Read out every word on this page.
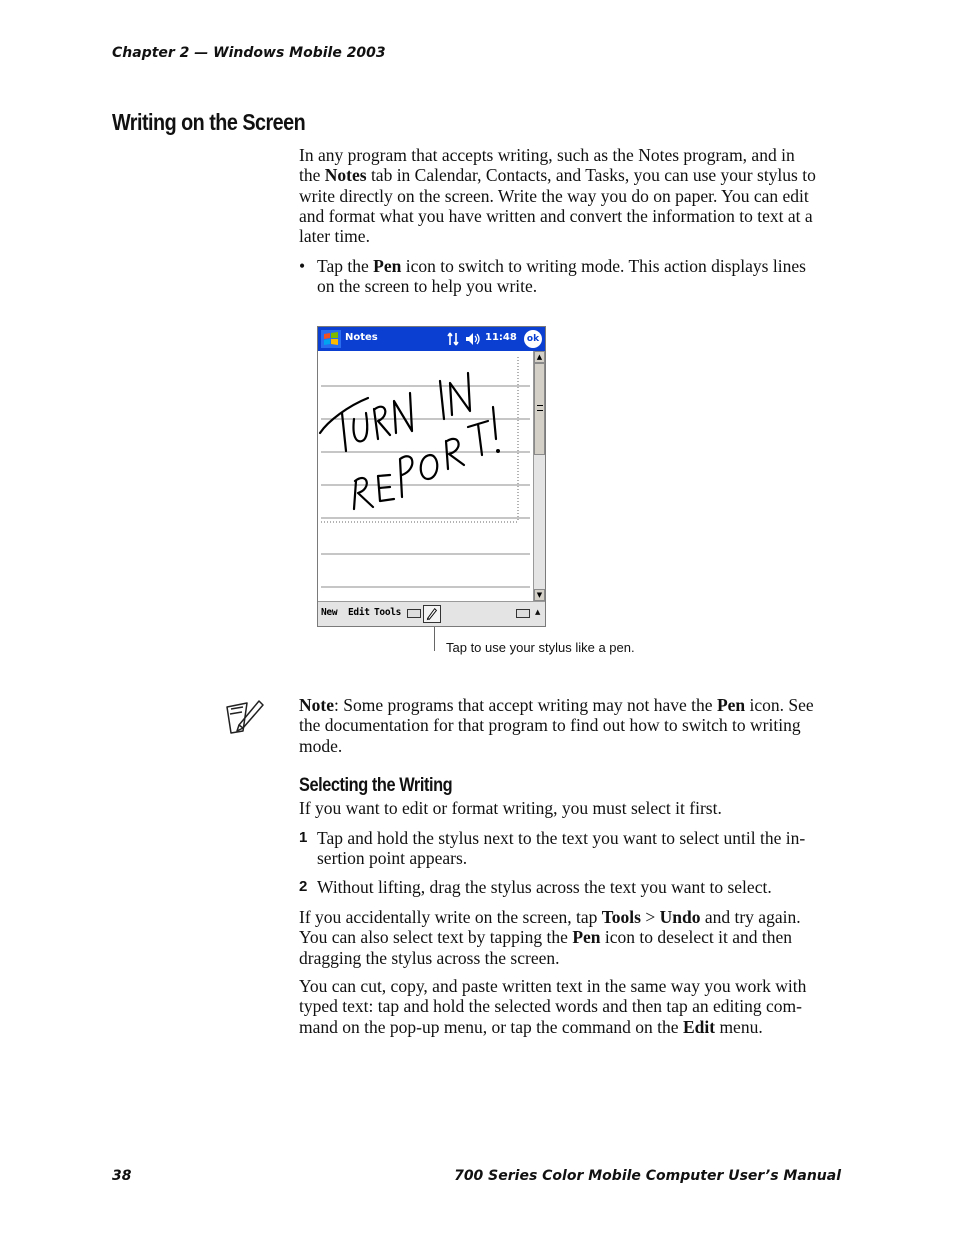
Chapter 2 — Windows Mobile 2003
Writing on the Screen
In any program that accepts writing, such as the Notes program, and in
the Notes tab in Calendar, Contacts, and Tasks, you can use your stylus to
write directly on the screen. Write the way you do on paper. You can edit
and format what you have written and convert the information to text at a
later time.
• Tap the Pen icon to switch to writing mode. This action displays lines
on the screen to help you write.
Notes	11:48	ok
▲
▼
New Edit Tools	▲
Tap to use your stylus like a pen.
Note: Some programs that accept writing may not have the Pen icon. See
the documentation for that program to find out how to switch to writing
mode.
Selecting the Writing
If you want to edit or format writing, you must select it first.
1 Tap and hold the stylus next to the text you want to select until the in-
sertion point appears.
2 Without lifting, drag the stylus across the text you want to select.
If you accidentally write on the screen, tap Tools > Undo and try again.
You can also select text by tapping the Pen icon to deselect it and then
dragging the stylus across the screen.
You can cut, copy, and paste written text in the same way you work with
typed text: tap and hold the selected words and then tap an editing com-
mand on the pop-up menu, or tap the command on the Edit menu.
38	700 Series Color Mobile Computer User’s Manual
